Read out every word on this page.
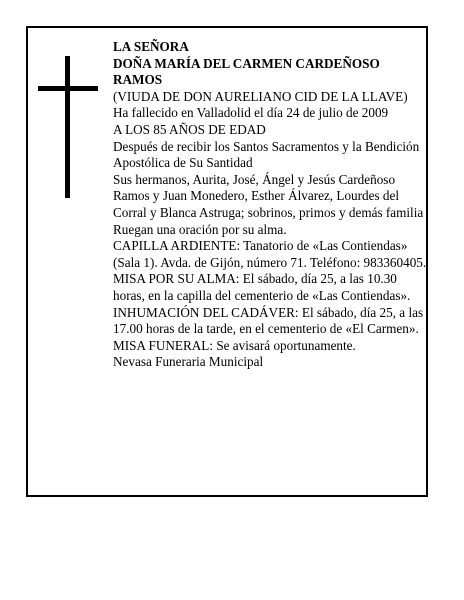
LA SEÑORA

DOÑA MARÍA DEL CARMEN CARDEÑOSO RAMOS

(VIUDA DE DON AURELIANO CID DE LA LLAVE)

Ha fallecido en Valladolid el día 24 de julio de 2009

A LOS 85 AÑOS DE EDAD

Después de recibir los Santos Sacramentos y la Bendición Apostólica de Su Santidad

Sus hermanos, Aurita, José, Ángel y Jesús Cardeñoso Ramos y Juan Monedero, Esther Álvarez, Lourdes del Corral y Blanca Astruga; sobrinos, primos y demás familia

Ruegan una oración por su alma.

CAPILLA ARDIENTE: Tanatorio de «Las Contiendas» (Sala 1). Avda. de Gijón, número 71. Teléfono: 983360405.

MISA POR SU ALMA: El sábado, día 25, a las 10.30 horas, en la capilla del cementerio de «Las Contiendas».

INHUMACIÓN DEL CADÁVER: El sábado, día 25, a las 17.00 horas de la tarde, en el cementerio de «El Carmen».

MISA FUNERAL: Se avisará oportunamente.

Nevasa Funeraria Municipal
